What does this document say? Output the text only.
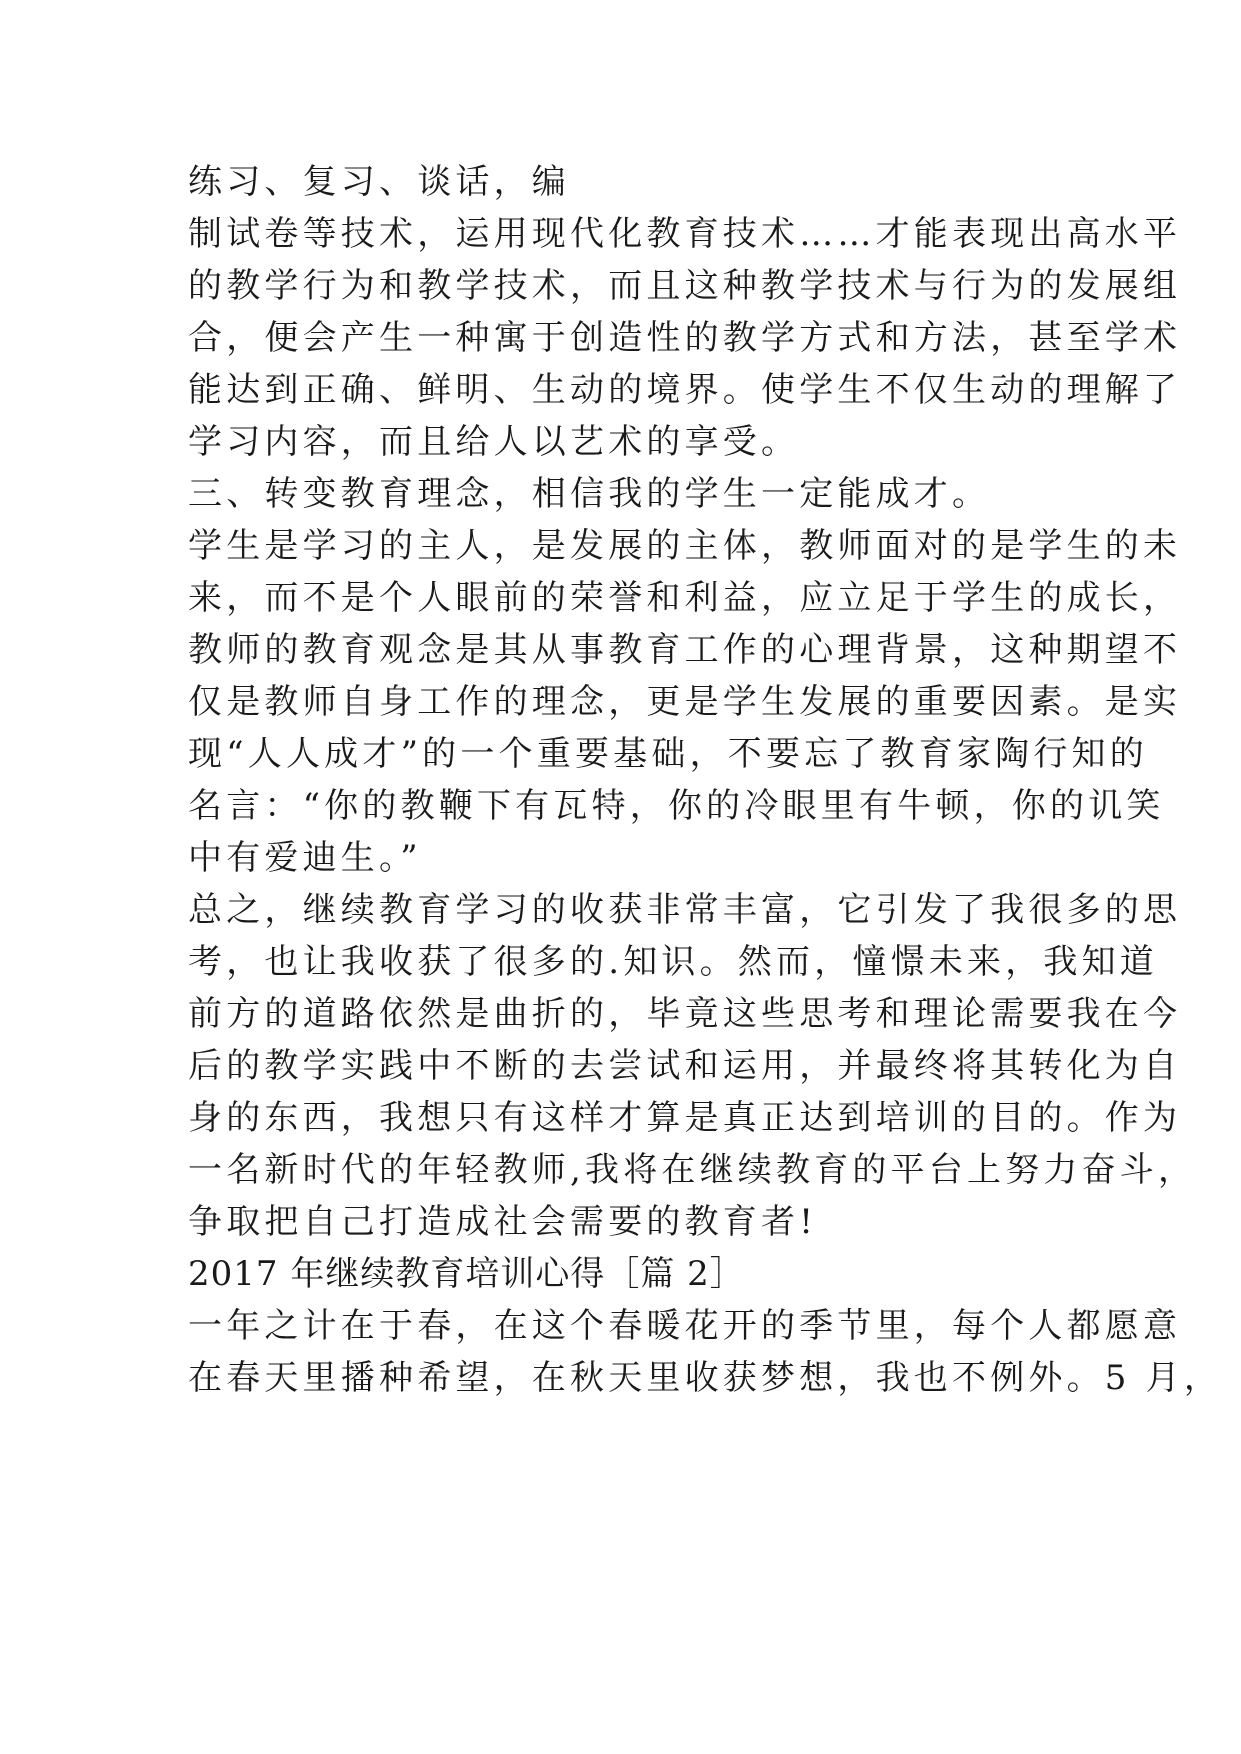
练习、复习、谈话，编
制试卷等技术，运用现代化教育技术……才能表现出高水平
的教学行为和教学技术，而且这种教学技术与行为的发展组
合，便会产生一种寓于创造性的教学方式和方法，甚至学术
能达到正确、鲜明、生动的境界。使学生不仅生动的理解了
学习内容，而且给人以艺术的享受。
三、转变教育理念，相信我的学生一定能成才。
学生是学习的主人，是发展的主体，教师面对的是学生的未
来，而不是个人眼前的荣誉和利益，应立足于学生的成长，
教师的教育观念是其从事教育工作的心理背景，这种期望不
仅是教师自身工作的理念，更是学生发展的重要因素。是实
现“人人成才”的一个重要基础，不要忘了教育家陶行知的
名言：“你的教鞭下有瓦特，你的冷眼里有牛顿，你的讥笑
中有爱迪生。”
总之，继续教育学习的收获非常丰富，它引发了我很多的思
考，也让我收获了很多的.知识。然而，憧憬未来，我知道
前方的道路依然是曲折的，毕竟这些思考和理论需要我在今
后的教学实践中不断的去尝试和运用，并最终将其转化为自
身的东西，我想只有这样才算是真正达到培训的目的。作为
一名新时代的年轻教师,我将在继续教育的平台上努力奋斗，
争取把自己打造成社会需要的教育者!
2017 年继续教育培训心得［篇 2］
一年之计在于春，在这个春暖花开的季节里，每个人都愿意
在春天里播种希望，在秋天里收获梦想，我也不例外。5 月，
